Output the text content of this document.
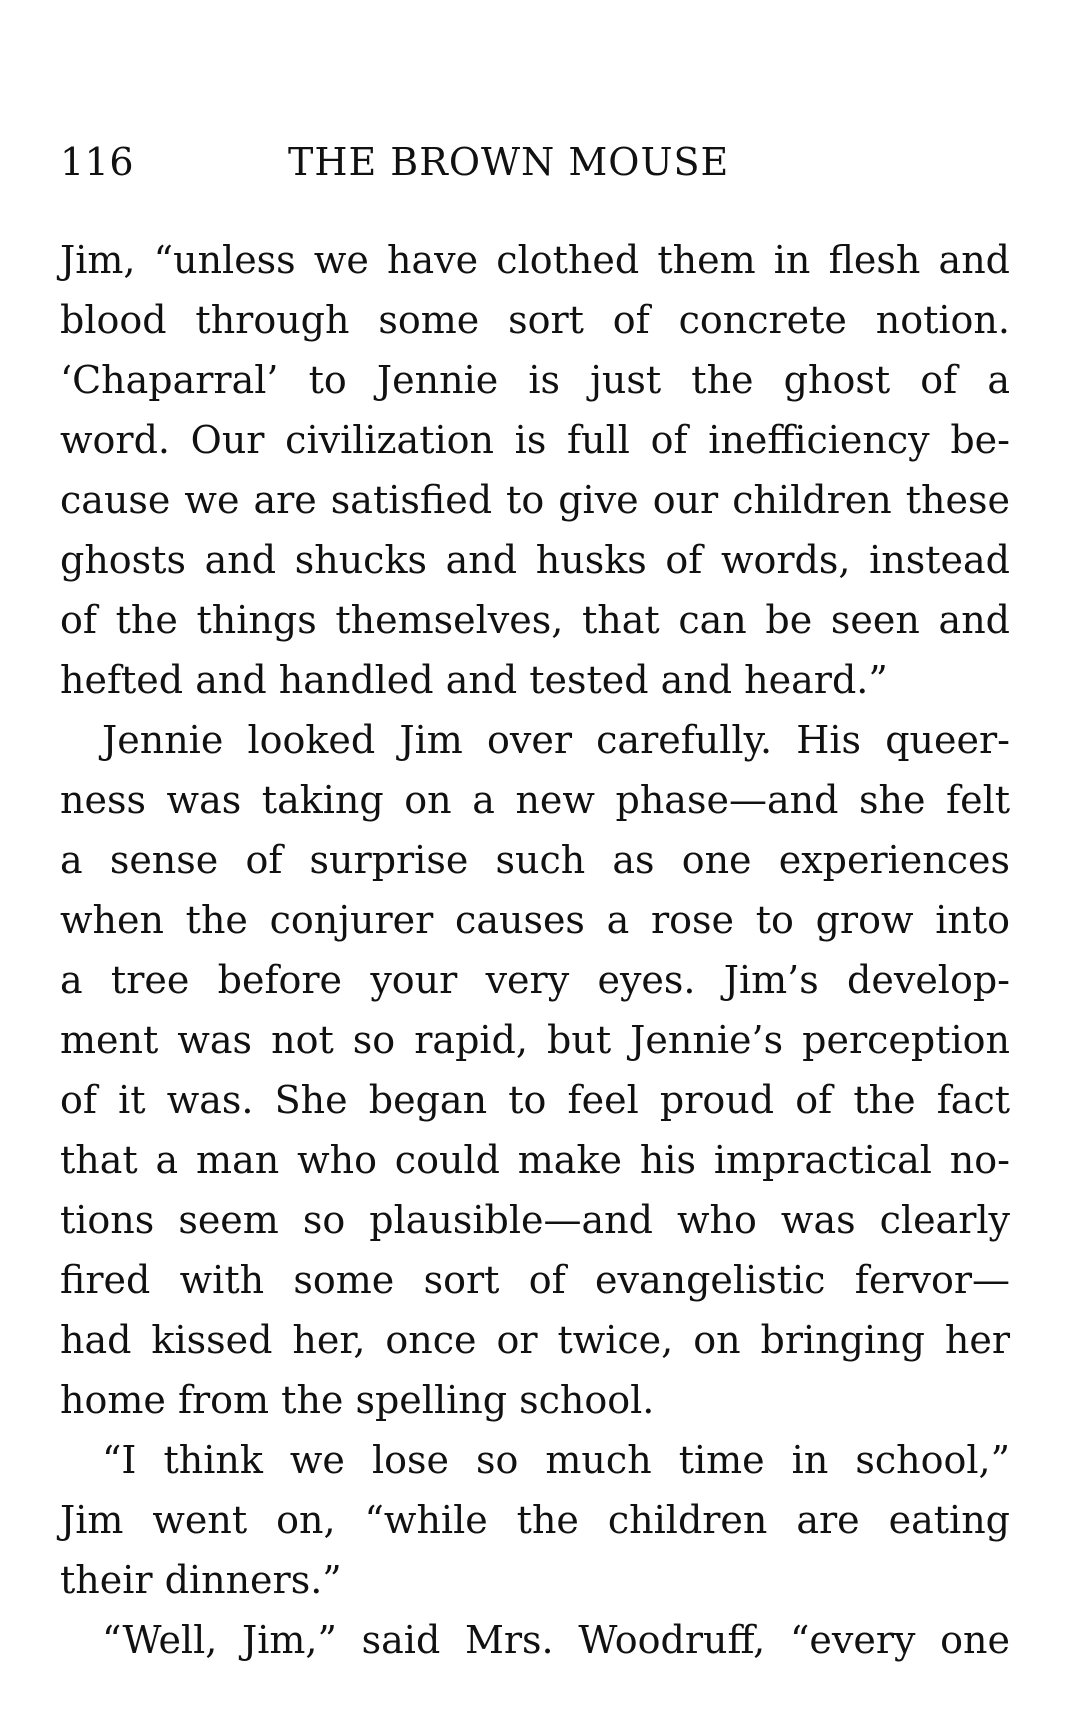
116	THE BROWN MOUSE
Jim, “unless we have clothed them in flesh and
blood through some sort of concrete notion.
‘Chaparral’ to Jennie is just the ghost of a
word. Our civilization is full of inefficiency be-
cause we are satisfied to give our children these
ghosts and shucks and husks of words, instead
of the things themselves, that can be seen and
hefted and handled and tested and heard.”
Jennie looked Jim over carefully. His queer-
ness was taking on a new phase—and she felt
a sense of surprise such as one experiences
when the conjurer causes a rose to grow into
a tree before your very eyes. Jim’s develop-
ment was not so rapid, but Jennie’s perception
of it was. She began to feel proud of the fact
that a man who could make his impractical no-
tions seem so plausible—and who was clearly
fired with some sort of evangelistic fervor—
had kissed her, once or twice, on bringing her
home from the spelling school.
“I think we lose so much time in school,”
Jim went on, “while the children are eating
their dinners.”
“Well, Jim,” said Mrs. Woodruff, “every one
